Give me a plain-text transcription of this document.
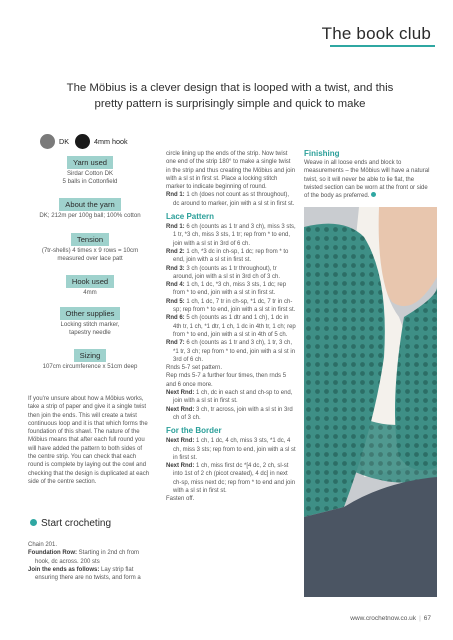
The book club
The Möbius is a clever design that is looped with a twist, and this pretty pattern is surprisingly simple and quick to make
DK	4mm hook
Yarn used
Sirdar Cotton DK
5 balls in Cottonfield
About the yarn
DK; 212m per 100g ball; 100% cotton
Tension
(7tr-shells) 4 times x 9 rows = 10cm
measured over lace patt
Hook used
4mm
Other supplies
Locking stitch marker,
tapestry needle
Sizing
107cm circumference x 51cm deep
If you're unsure about how a Möbius works, take a strip of paper and give it a single twist then join the ends. This will create a twist continuous loop and it is that which forms the foundation of this shawl. The nature of the Möbius means that after each full round you will have added the pattern to both sides of the centre strip. You can check that each round is complete by laying out the cowl and checking that the design is duplicated at each side of the centre section.
Start crocheting

Chain 201.

Foundation Row: Starting in 2nd ch from hook, dc across. 200 sts

Join the ends as follows: Lay strip flat ensuring there are no twists, and form a

circle lining up the ends of the strip. Now twist one end of the strip 180° to make a single twist in the strip and thus creating the Möbius and join with a sl st in first st. Place a locking stitch marker to indicate beginning of round.

Rnd 1: 1 ch (does not count as st throughout), dc around to marker, join with a sl st in first st.

Lace Pattern

Rnd 1: 6 ch (counts as 1 tr and 3 ch), miss 3 sts, 1 tr, *3 ch, miss 3 sts, 1 tr; rep from * to end, join with a sl st in 3rd of 6 ch.

Rnd 2: 1 ch, *3 dc in ch-sp, 1 dc; rep from * to end, join with a sl st in first st.

Rnd 3: 3 ch (counts as 1 tr throughout), tr around, join with a sl st in 3rd ch of 3 ch.

Rnd 4: 1 ch, 1 dc, *3 ch, miss 3 sts, 1 dc; rep from * to end, join with a sl st in first st.

Rnd 5: 1 ch, 1 dc, 7 tr in ch-sp, *1 dc, 7 tr in ch-sp; rep from * to end, join with a sl st in first st.

Rnd 6: 5 ch (counts as 1 dtr and 1 ch), 1 dc in 4th tr, 1 ch, *1 dtr, 1 ch, 1 dc in 4th tr, 1 ch; rep from * to end, join with a sl st in 4th of 5 ch.

Rnd 7: 6 ch (counts as 1 tr and 3 ch), 1 tr, 3 ch, *1 tr, 3 ch; rep from * to end, join with a sl st in 3rd of 6 ch.

Rnds 5-7 set pattern.

Rep rnds 5-7 a further four times, then rnds 5 and 6 once more.

Next Rnd: 1 ch, dc in each st and ch-sp to end, join with a sl st in first st.

Next Rnd: 3 ch, tr across, join with a sl st in 3rd ch of 3 ch.

For the Border

Next Rnd: 1 ch, 1 dc, 4 ch, miss 3 sts, *1 dc, 4 ch, miss 3 sts; rep from to end, join with a sl st in first st.

Next Rnd: 1 ch, miss first dc *[4 dc, 2 ch, sl-st into 1st of 2 ch (picot created), 4 dc] in next ch-sp, miss next dc; rep from * to end and join with a sl st in first st.

Fasten off.

Finishing
Weave in all loose ends and block to measurements – the Möbius will have a natural twist, so it will never be able to lie flat, the twisted section can be worn at the front or side of the body as preferred.
www.crochetnow.co.uk | 67
